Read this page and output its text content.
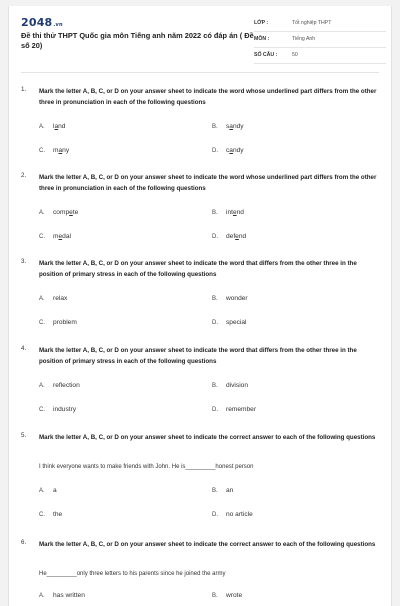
2048.vn
Đề thi thử THPT Quốc gia môn Tiếng anh năm 2022 có đáp án ( Đề số 20)
LỚP :	Tốt nghiệp THPT
MÔN :	Tiếng Anh
SỐ CÂU :	50
1. Mark the letter A, B, C, or D on your answer sheet to indicate the word whose underlined part differs from the other three in pronunciation in each of the following questions
A. land	B. sandy
C. many	D. candy
2. Mark the letter A, B, C, or D on your answer sheet to indicate the word whose underlined part differs from the other three in pronunciation in each of the following questions
A. compete	B. intend
C. medal	D. defend
3. Mark the letter A, B, C, or D on your answer sheet to indicate the word that differs from the other three in the position of primary stress in each of the following questions
A. relax	B. wonder
C. problem	D. special
4. Mark the letter A, B, C, or D on your answer sheet to indicate the word that differs from the other three in the position of primary stress in each of the following questions
A. reflection	B. division
C. industry	D. remember
5. Mark the letter A, B, C, or D on your answer sheet to indicate the correct answer to each of the following questions
I think everyone wants to make friends with John. He is_________honest person
A. a	B. an
C. the	D. no article
6. Mark the letter A, B, C, or D on your answer sheet to indicate the correct answer to each of the following questions
He_________only three letters to his parents since he joined the army
A. has written	B. wrote
